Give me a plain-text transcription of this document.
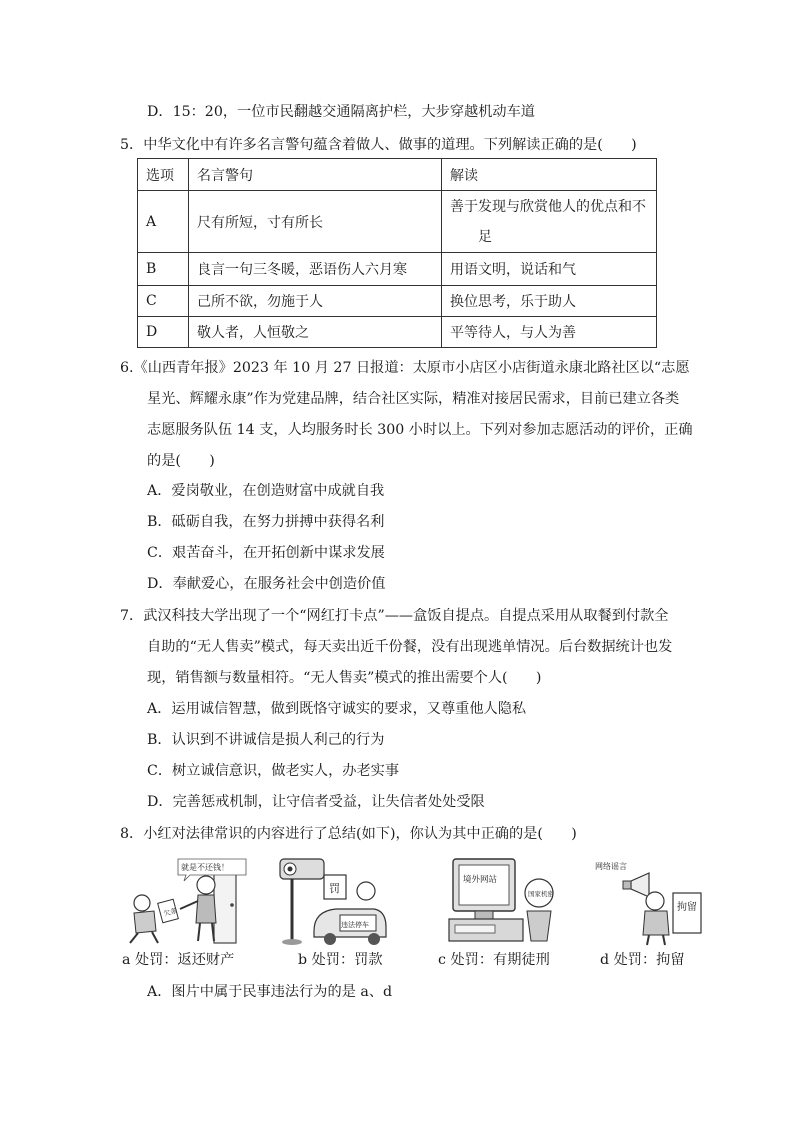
D．15：20，一位市民翻越交通隔离护栏，大步穿越机动车道
5．中华文化中有许多名言警句蕴含着做人、做事的道理。下列解读正确的是(　　)
选项	名言警句	解读
A	尺有所短，寸有所长	善于发现与欣赏他人的优点和不
足

B	良言一句三冬暖，恶语伤人六月寒	用语文明，说话和气
C	己所不欲，勿施于人	换位思考，乐于助人
D	敬人者，人恒敬之	平等待人，与人为善
6.《山西青年报》2023 年 10 月 27 日报道：太原市小店区小店街道永康北路社区以“志愿
星光、辉耀永康”作为党建品牌，结合社区实际，精准对接居民需求，目前已建立各类
志愿服务队伍 14 支，人均服务时长 300 小时以上。下列对参加志愿活动的评价，正确
的是(　　)
A．爱岗敬业，在创造财富中成就自我
B．砥砺自我，在努力拼搏中获得名利
C．艰苦奋斗，在开拓创新中谋求发展
D．奉献爱心，在服务社会中创造价值
7．武汉科技大学出现了一个“网红打卡点”——盒饭自提点。自提点采用从取餐到付款全
自助的“无人售卖”模式，每天卖出近千份餐，没有出现逃单情况。后台数据统计也发
现，销售额与数量相符。“无人售卖”模式的推出需要个人(　　)
A．运用诚信智慧，做到既恪守诚实的要求，又尊重他人隐私
B．认识到不讲诚信是损人利己的行为
C．树立诚信意识，做老实人，办老实事
D．完善惩戒机制，让守信者受益，让失信者处处受限
8．小红对法律常识的内容进行了总结(如下)，你认为其中正确的是(　　)
欠条
就是不还钱！
罚
违法停车
境外网站
国家机密
网络谣言
拘留
a 处罚：返还财产	b 处罚：罚款	c 处罚：有期徒刑	d 处罚：拘留
A．图片中属于民事违法行为的是 a、d
